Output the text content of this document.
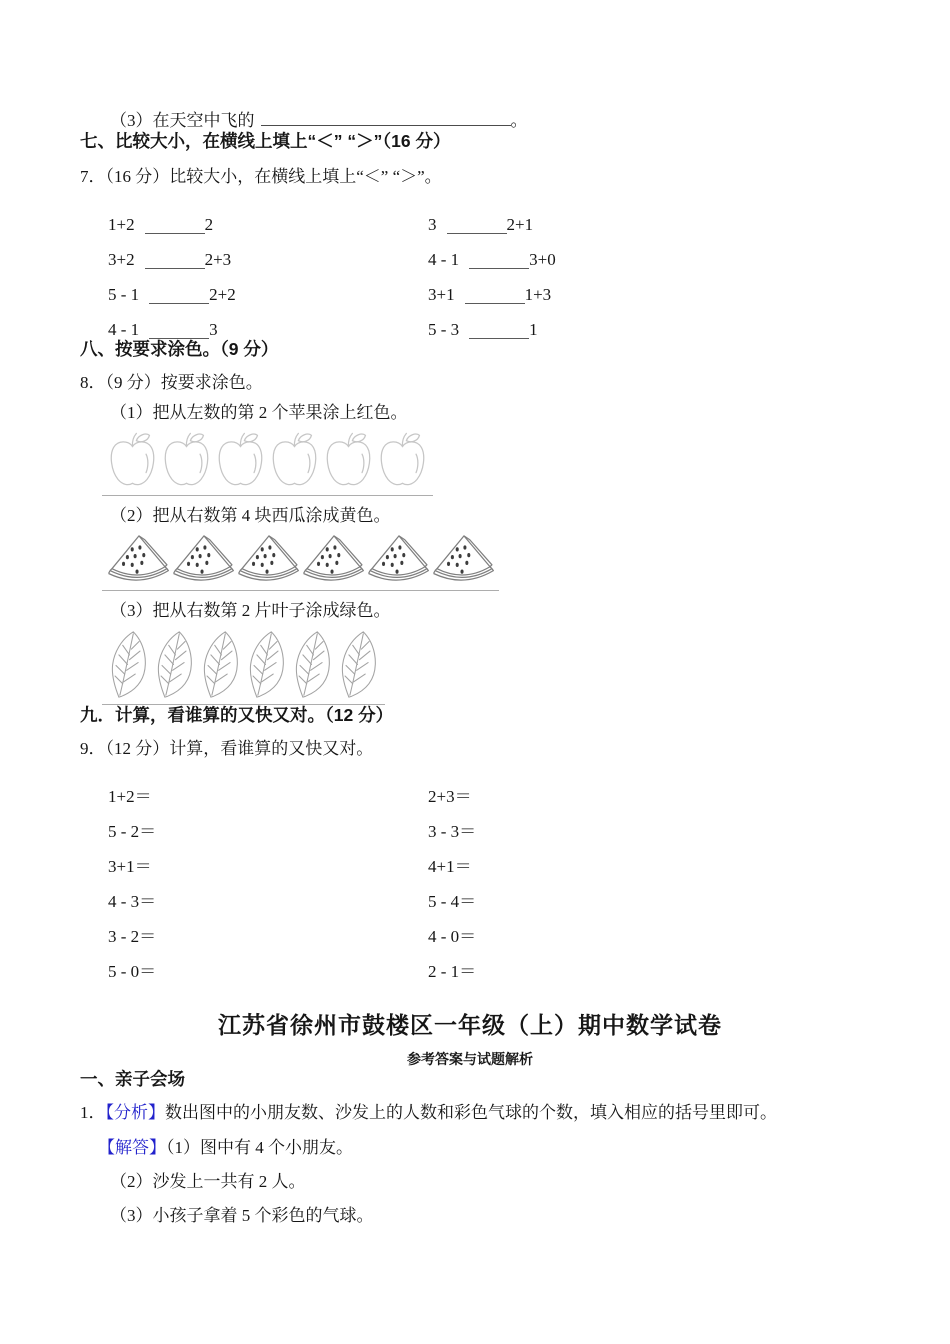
（3）在天空中飞的	。
七、比较大小，在横线上填上“＜” “＞”（16 分）
7．（16 分）比较大小，在横线上填上“＜” “＞”。
1+2	2	3	2+1
3+2	2+3	4 - 1	3+0
5 - 1	2+2	3+1	1+3
4 - 1	3	5 - 3	1
八、按要求涂色。（9 分）
8．（9 分）按要求涂色。
（1）把从左数的第 2 个苹果涂上红色。
（2）把从右数第 4 块西瓜涂成黄色。
（3）把从右数第 2 片叶子涂成绿色。
九．计算，看谁算的又快又对。（12 分）
9．（12 分）计算，看谁算的又快又对。
1+2＝	2+3＝
5 - 2＝	3 - 3＝
3+1＝	4+1＝
4 - 3＝	5 - 4＝
3 - 2＝	4 - 0＝
5 - 0＝	2 - 1＝
江苏省徐州市鼓楼区一年级（上）期中数学试卷
参考答案与试题解析
一、亲子会场
1．【分析】数出图中的小朋友数、沙发上的人数和彩色气球的个数，填入相应的括号里即可。
【解答】（1）图中有 4 个小朋友。
（2）沙发上一共有 2 人。
（3）小孩子拿着 5 个彩色的气球。
